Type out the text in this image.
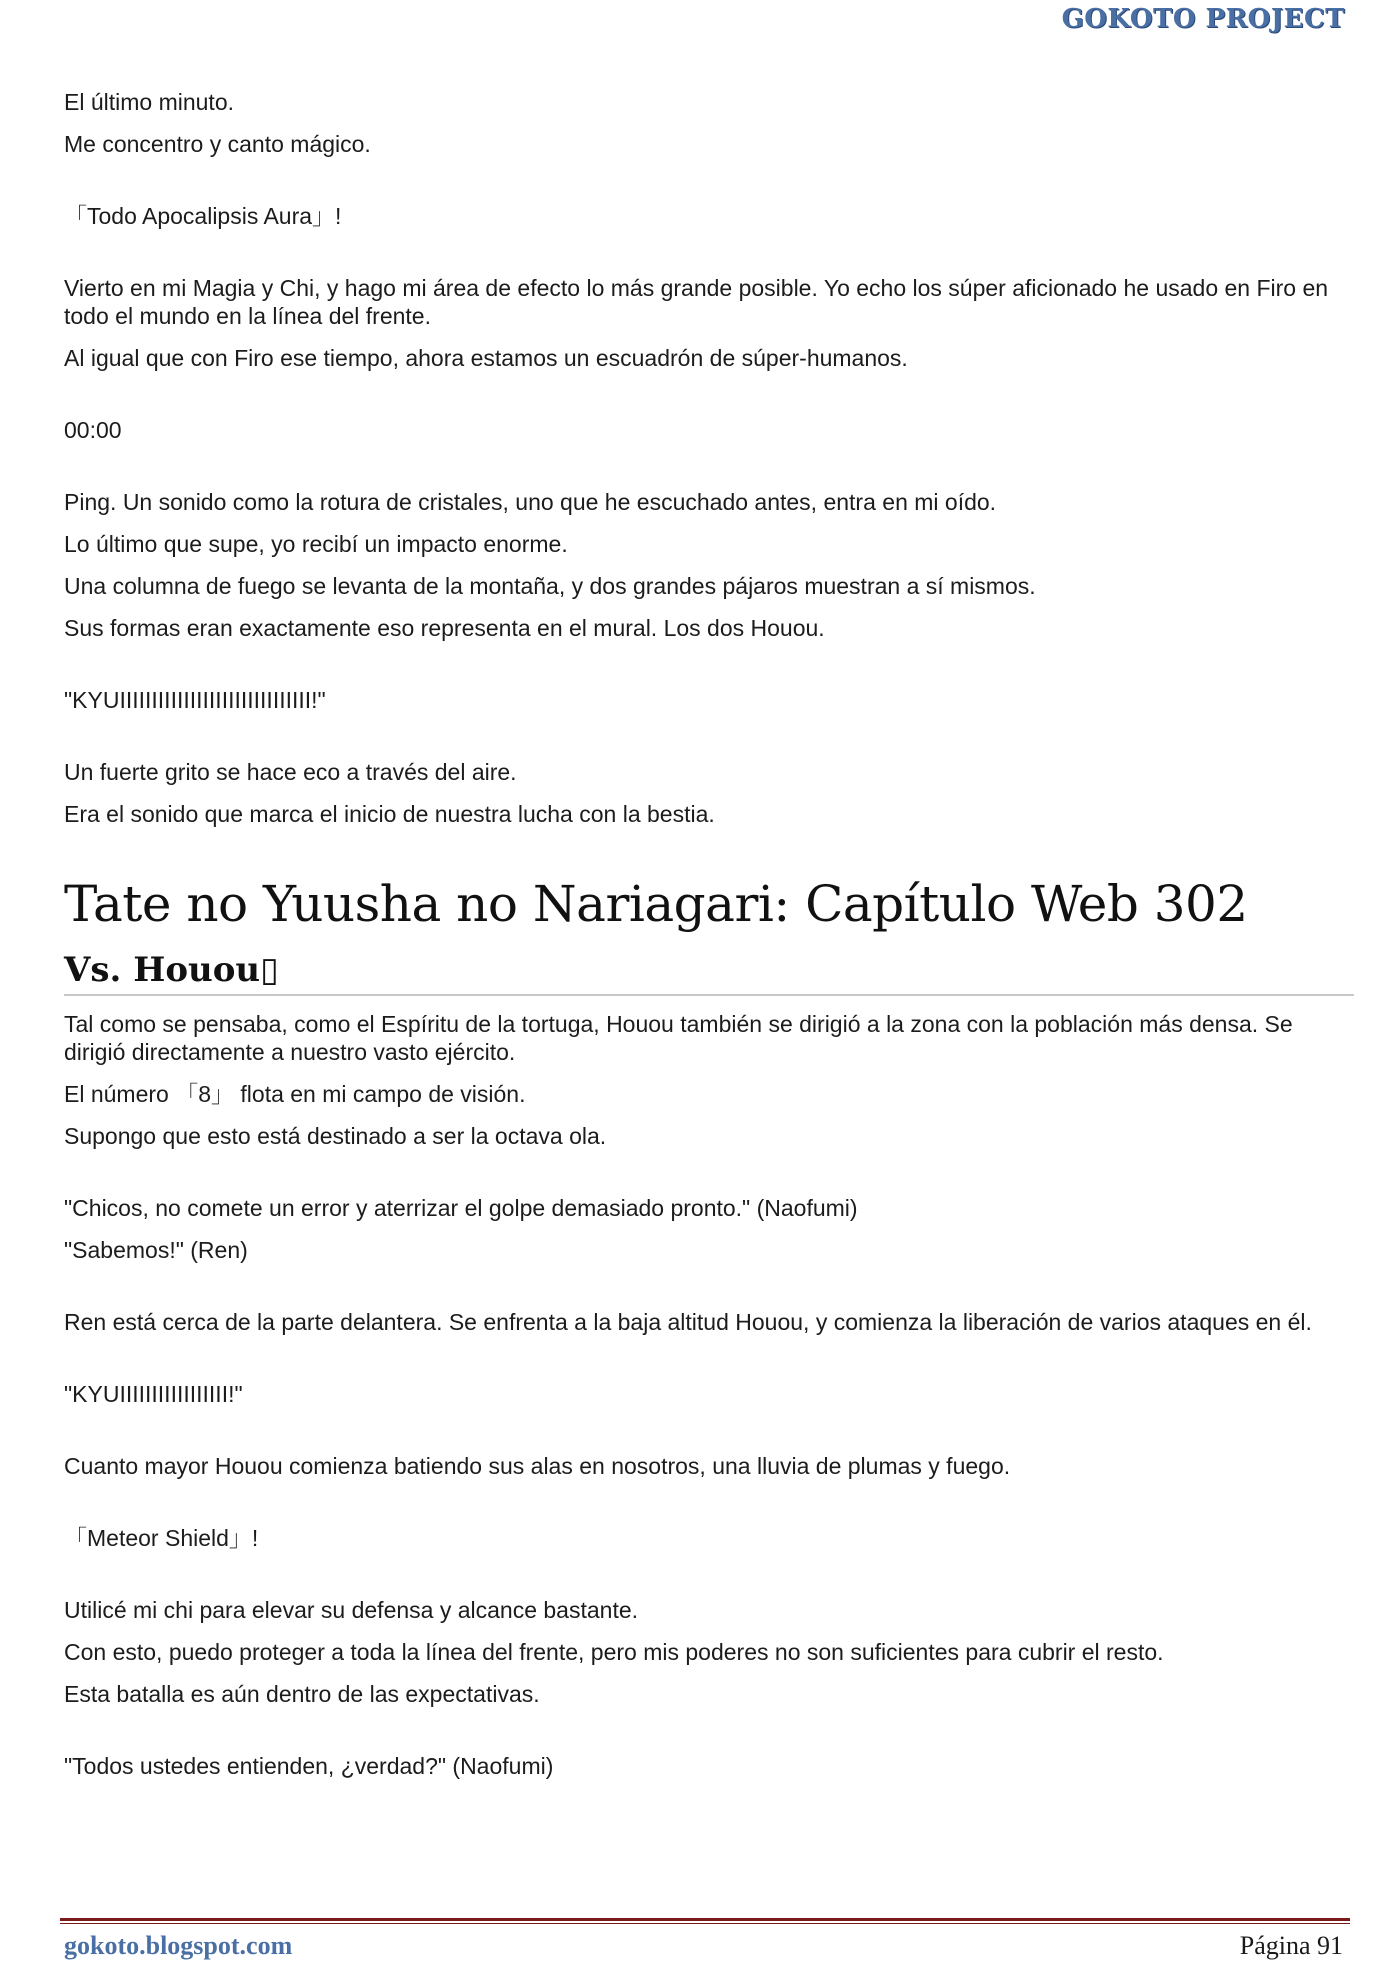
GOKOTO PROJECT

El último minuto.

Me concentro y canto mágico.

「Todo Apocalipsis Aura」!

Vierto en mi Magia y Chi, y hago mi área de efecto lo más grande posible. Yo echo los súper aficionado he usado en Firo en todo el mundo en la línea del frente.

Al igual que con Firo ese tiempo, ahora estamos un escuadrón de súper-humanos.

00:00

Ping. Un sonido como la rotura de cristales, uno que he escuchado antes, entra en mi oído.

Lo último que supe, yo recibí un impacto enorme.

Una columna de fuego se levanta de la montaña, y dos grandes pájaros muestran a sí mismos.

Sus formas eran exactamente eso representa en el mural. Los dos Houou.

"KYUIIIIIIIIIIIIIIIIIIIIIIIIIIIIII!"

Un fuerte grito se hace eco a través del aire.

Era el sonido que marca el inicio de nuestra lucha con la bestia.

Tate no Yuusha no Nariagari: Capítulo Web 302
Vs. Houou▯

Tal como se pensaba, como el Espíritu de la tortuga, Houou también se dirigió a la zona con la población más densa. Se dirigió directamente a nuestro vasto ejército.

El número 「8」 flota en mi campo de visión.

Supongo que esto está destinado a ser la octava ola.

"Chicos, no comete un error y aterrizar el golpe demasiado pronto." (Naofumi)

"Sabemos!" (Ren)

Ren está cerca de la parte delantera. Se enfrenta a la baja altitud Houou, y comienza la liberación de varios ataques en él.

"KYUIIIIIIIIIIIIIIIII!"

Cuanto mayor Houou comienza batiendo sus alas en nosotros, una lluvia de plumas y fuego.

「Meteor Shield」!

Utilicé mi chi para elevar su defensa y alcance bastante.

Con esto, puedo proteger a toda la línea del frente, pero mis poderes no son suficientes para cubrir el resto.

Esta batalla es aún dentro de las expectativas.

"Todos ustedes entienden, ¿verdad?" (Naofumi)

gokoto.blogspot.com	Página 91
